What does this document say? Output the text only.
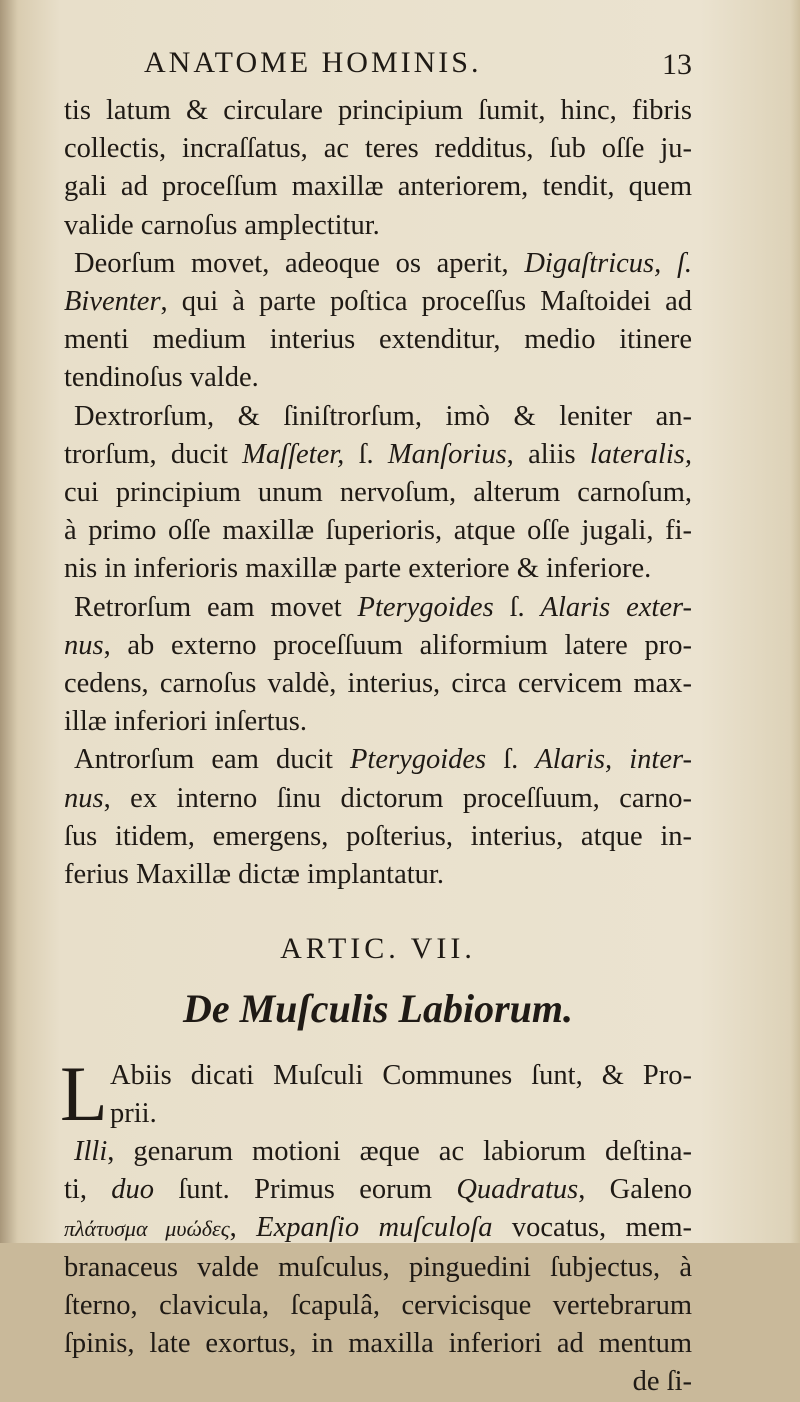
ANATOME HOMINIS.	13

tis latum & circulare principium ſumit, hinc, fibris
collectis, incraſſatus, ac teres redditus, ſub oſſe ju-
gali ad proceſſum maxillæ anteriorem, tendit, quem
valide carnoſus amplectitur.

Deorſum movet, adeoque os aperit, Digaſtricus, ſ.
Biventer, qui à parte poſtica proceſſus Maſtoidei ad
menti medium interius extenditur, medio itinere
tendinoſus valde.

Dextrorſum, & ſiniſtrorſum, imò & leniter an-
trorſum, ducit Maſſeter, ſ. Manſorius, aliis lateralis,
cui principium unum nervoſum, alterum carnoſum,
à primo oſſe maxillæ ſuperioris, atque oſſe jugali, fi-
nis in inferioris maxillæ parte exteriore & inferiore.

Retrorſum eam movet Pterygoides ſ. Alaris exter-
nus, ab externo proceſſuum aliformium latere pro-
cedens, carnoſus valdè, interius, circa cervicem max-
illæ inferiori inſertus.

Antrorſum eam ducit Pterygoides ſ. Alaris, inter-
nus, ex interno ſinu dictorum proceſſuum, carno-
ſus itidem, emergens, poſterius, interius, atque in-
ferius Maxillæ dictæ implantatur.

ARTIC. VII.
De Muſculis Labiorum.
L Abiis dicati Muſculi Communes ſunt, & Pro-
prii.

Illi, genarum motioni æque ac labiorum deſtina-
ti, duo ſunt. Primus eorum Quadratus, Galeno
πλάτυσμα μυώδες, Expanſio muſculoſa vocatus, mem-
branaceus valde muſculus, pinguedini ſubjectus, à
ſterno, clavicula, ſcapulâ, cervicisque vertebrarum
ſpinis, late exortus, in maxilla inferiori ad mentum

de ſi-
